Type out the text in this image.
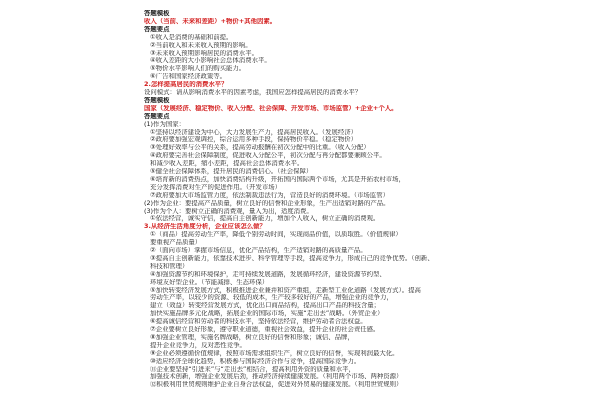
答题模板
收入（当前、未来和差距）+物价+其他因素。
答题要点
①收入是消费的基础和前提。
②当前收入和未来收入预期的影响。
③未来收入预期影响居民的消费水平。
④收入差距的大小影响社会总体消费水平。
⑤物价水平影响人们的购买能力。
⑥广告和国家经济政策等。
2.怎样提高居民的消费水平？
设问模式：请从影响消费水平的因素考虑，我国应怎样提高居民的消费水平？
答题模板
国家（发展经济、稳定物价、收入分配、社会保障、开发市场、市场监管）+企业+个人。
答题要点
(1)作为国家：
①坚持以经济建设为中心，大力发展生产力，提高居民收入。（发展经济）
②政府要加强宏观调控，综合运用多种手段，保持物价平稳。（稳定物价）
③处理好效率与公平的关系，提高劳动报酬在初次分配中的比重。（收入分配）
④政府要完善社会保障制度，促进收入分配公平，初次分配与再分配都要兼顾公平。
和减少收入差距，缩小差距，提高社会总体消费水平。
⑤健全社会保障体系，提升居民的消费信心。（社会保障）
⑥培育新的消费热点，加快消费结构升级，开拓国内国际两个市场，尤其是开拓农村市场，
充分发挥消费对生产的促进作用。（开发市场）
⑦政府要加大市场监管力度，依法制裁违法行为，营造良好的消费环境。（市场监管）
(2)作为企业：要提高产品质量，树立良好的信誉和企业形象，生产出适销对路的产品。
(3)作为个人：要树立正确的消费观，量入为出，适度消费。
①依法经营，诚实守信，提高自主创新能力，增加个人收入，树立正确的消费观。
3.从经济生活角度分析，企业应该怎么做？
①（商品）提高劳动生产率，降低个别劳动时间，实现商品价值，以质取胜。（价值规律）
要重视产品质量）
②（面向市场）掌握市场信息，优化产品结构，生产适销对路的高质量产品。
③提高自主创新能力，依靠技术进步、科学管理等手段，提高竞争力，形成自己的竞争优势。（创新、
科技和管理）
④加强资源节约和环境保护，走可持续发展道路，发展循环经济，建设资源节约型、
环境友好型企业。（节能减排、生态环保）
⑤加快转变经济发展方式，积极推进企业兼并和资产重组，走新型工业化道路（发展方式）。提高
劳动生产率，以较少的资源、较低的成本，生产较多较好的产品，增强企业的竞争力，
建立（效益）转变经营发展方式，优化出口商品结构，提高出口产品的科技含量；
加快实施品牌多元化战略，拓展企业的国际市场，实施“走出去”战略。（外贸企业）
⑥提高诚信经营和劳动者的科技水平，坚持依法经营，维护劳动者合法权益。
⑦企业要树立良好形象，遵守职业道德，重视社会效益，提升企业的社会责任感。
⑧加强企业管理，实施名牌战略，树立良好的信誉和形象；诚信、品牌，
提升企业竞争力，反对恶性竞争。
⑨企业必须遵循价值规律，按照市场需求组织生产，树立良好的信誉，实现利润最大化。
⑩适应经济全球化趋势，积极参与国际经济合作与竞争，提高国际竞争力。
⑪企业要坚持“引进来”与“走出去”相结合，提高利用外资的质量和水平，
加强技术创新，增强企业发展后劲，推动经济持续健康发展。（利用两个市场、两种资源）
⑫积极利用世贸规则维护企业自身合法权益，促进对外贸易的健康发展。（利用世贸规则）
